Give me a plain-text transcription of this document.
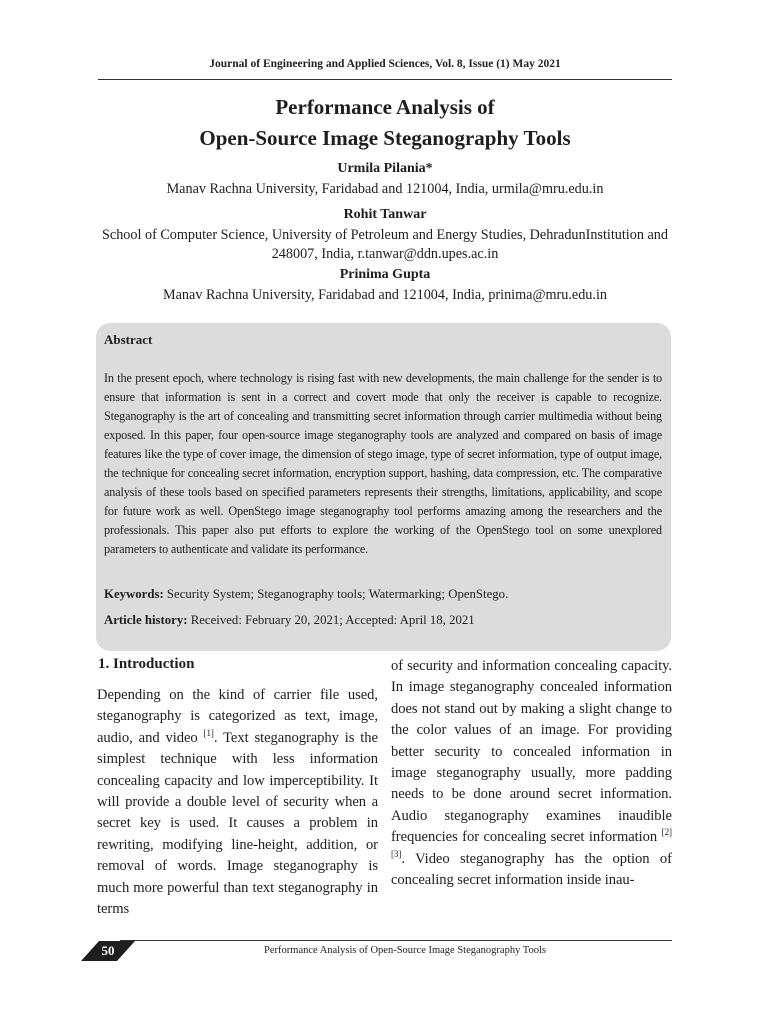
Journal of Engineering and Applied Sciences, Vol. 8, Issue (1) May 2021
Performance Analysis of
Open-Source Image Steganography Tools
Urmila Pilania*
Manav Rachna University, Faridabad and 121004, India, urmila@mru.edu.in
Rohit Tanwar
School of Computer Science, University of Petroleum and Energy Studies, DehradunInstitution and 248007, India, r.tanwar@ddn.upes.ac.in
Prinima Gupta
Manav Rachna University, Faridabad and 121004, India, prinima@mru.edu.in
Abstract
In the present epoch, where technology is rising fast with new developments, the main challenge for the sender is to ensure that information is sent in a correct and covert mode that only the receiver is capable to recognize. Steganography is the art of concealing and transmitting secret information through carrier multimedia without being exposed. In this paper, four open-source image steganography tools are analyzed and compared on basis of image features like the type of cover image, the dimension of stego image, type of secret information, type of output image, the technique for concealing secret information, encryption support, hashing, data compression, etc. The comparative analysis of these tools based on specified parameters represents their strengths, limitations, applicability, and scope for future work as well. OpenStego image steganography tool performs amazing among the researchers and the professionals. This paper also put efforts to explore the working of the OpenStego tool on some unexplored parameters to authenticate and validate its performance.
Keywords: Security System; Steganography tools; Watermarking; OpenStego.
Article history: Received: February 20, 2021; Accepted: April 18, 2021
1. Introduction
Depending on the kind of carrier file used, steganography is categorized as text, image, audio, and video [1]. Text steganography is the simplest technique with less information concealing capacity and low imperceptibility. It will provide a double level of security when a secret key is used. It causes a problem in rewriting, modifying line-height, addition, or removal of words. Image steganography is much more powerful than text steganography in terms
of security and information concealing capacity. In image steganography concealed information does not stand out by making a slight change to the color values of an image. For providing better security to concealed information in image steganography usually, more padding needs to be done around secret information. Audio steganography examines inaudible frequencies for concealing secret information [2] [3]. Video steganography has the option of concealing secret information inside inau-
50	Performance Analysis of Open-Source Image Steganography Tools
